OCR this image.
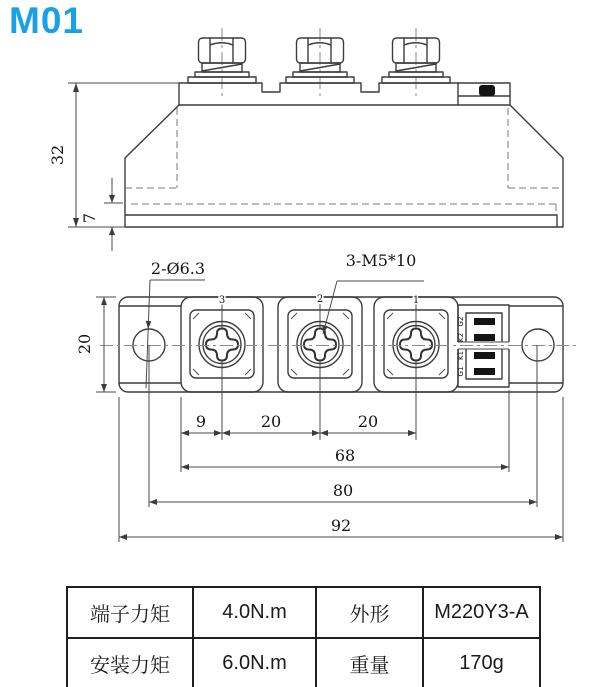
M01
32
7
3	2	1
G2
K2
K1
G1
2-Ø6.3	3-M5*10
20
9	20	20
68
80
92
端子力矩	4.0N.m	外形	M220Y3-A
安装力矩	6.0N.m	重量	170g
